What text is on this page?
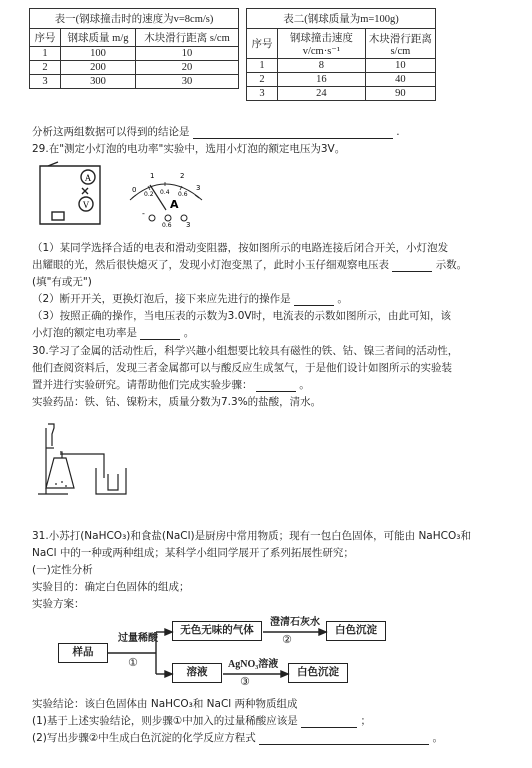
表一(钢球撞击时的速度为v=8cm/s)
序号	钢球质量 m/g	木块滑行距离 s/cm
1	100	10
2	200	20
3	300	30
表二(钢球质量为m=100g)
序号	钢球撞击速度 v/cm·s⁻¹	木块滑行距离 s/cm
1	8	10
2	16	40
3	24	90
分析这两组数据可以得到的结论是	.
29.在"测定小灯泡的电功率"实验中，选用小灯泡的额定电压为3V。
A
V
0
1	2
3
0.2 0.4 0.6
A
-
0.6 3
（1）某同学选择合适的电表和滑动变阻器，按如图所示的电路连接后闭合开关，小灯泡发
出耀眼的光，然后很快熄灭了，发现小灯泡变黑了，此时小玉仔细观察电压表	示数。
(填"有或无")
（2）断开开关，更换灯泡后，接下来应先进行的操作是	。
（3）按照正确的操作，当电压表的示数为3.0V时，电流表的示数如图所示，由此可知，该
小灯泡的额定电功率是	。
30.学习了金属的活动性后，科学兴趣小组想要比较具有磁性的铁、钴、镍三者间的活动性，
他们查阅资料后，发现三者金属都可以与酸反应生成氢气，于是他们设计如图所示的实验装
置并进行实验研究。请帮助他们完成实验步骤：	。
实验药品：铁、钴、镍粉末，质量分数为7.3%的盐酸，清水。
31.小苏打(NaHCO₃)和食盐(NaCl)是厨房中常用物质；现有一包白色固体，可能由 NaHCO₃和
NaCl 中的一种或两种组成；某科学小组同学展开了系列拓展性研究；
(一)定性分析
实验目的：确定白色固体的组成；
实验方案：
样品
过量稀酸
①
无色无味的气体
澄清石灰水
②
白色沉淀
溶液
AgNO₃溶液
③
白色沉淀
实验结论：该白色固体由 NaHCO₃和 NaCl 两种物质组成
(1)基于上述实验结论，则步骤①中加入的过量稀酸应该是	；
(2)写出步骤②中生成白色沉淀的化学反应方程式	。
